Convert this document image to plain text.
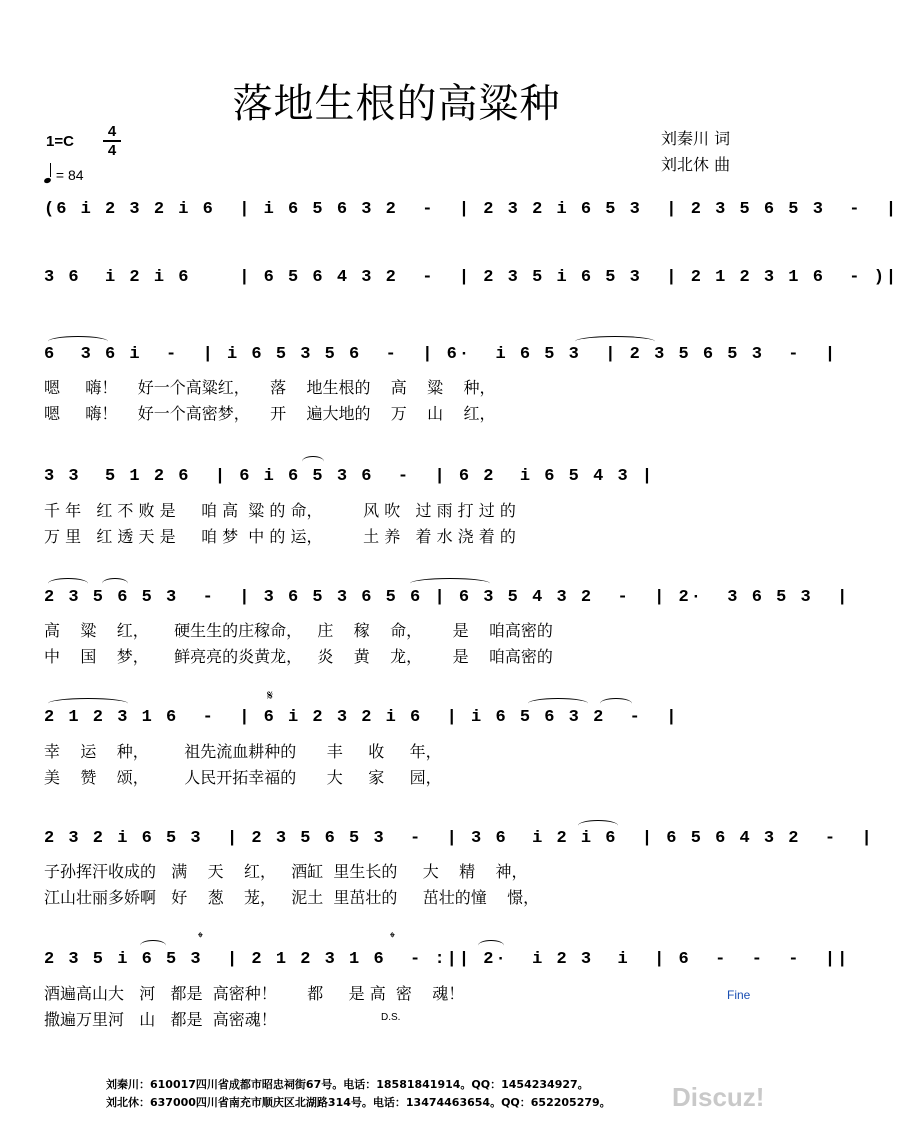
落地生根的高粱种
1=C
4
4
= 84
刘秦川 词
刘北休 曲
(6 i 2 3 2 i 6  | i 6 5 6 3 2  -  | 2 3 2 i 6 5 3  | 2 3 5 6 5 3  -  |
3 6  i 2 i 6    | 6 5 6 4 3 2  -  | 2 3 5 i 6 5 3  | 2 1 2 3 1 6  - )|
6  3 6 i  -  | i 6 5 3 5 6  -  | 6·  i 6 5 3  | 2 3 5 6 5 3  -  |
嗯     嗨！    好一个高粱红，    落    地生根的    高    粱    种，
嗯     嗨！    好一个高密梦，    开    遍大地的    万    山    红，
3 3  5 1 2 6  | 6 i 6 5 3 6  -  | 6 2  i 6 5 4 3 |
千 年   红 不 败 是     咱 高  粱 的 命，        风 吹   过 雨 打 过 的
万 里   红 透 天 是     咱 梦  中 的 运，        土 养   着 水 浇 着 的
2 3 5 6 5 3  -  | 3 6 5 3 6 5 6 | 6 3 5 4 3 2  -  | 2·  3 6 5 3  |
高    粱    红，     硬生生的庄稼命，   庄    稼    命，      是    咱高密的
中    国    梦，     鲜亮亮的炎黄龙，   炎    黄    龙，      是    咱高密的
𝄋
2 1 2 3 1 6  -  | 6 i 2 3 2 i 6  | i 6 5 6 3 2  -  |
幸    运    种，       祖先流血耕种的      丰     收     年，
美    赞    颂，       人民开拓幸福的      大     家     园，
2 3 2 i 6 5 3  | 2 3 5 6 5 3  -  | 3 6  i 2 i 6  | 6 5 6 4 3 2  -  |
子孙挥汗收成的   满    天    红，   酒缸  里生长的     大    精    神，
江山壮丽多娇啊   好    葱    茏，   泥土  里茁壮的     茁壮的憧    憬，
𝄌	𝄌
2 3 5 i 6 5 3  | 2 1 2 3 1 6  - :|| 2·  i 2 3  i  | 6  -  -  -  ||
酒遍高山大   河   都是  高密种！      都     是 高  密    魂！
撒遍万里河   山   都是  高密魂！
Fine
D.S.
刘秦川：610017四川省成都市昭忠祠街67号。电话：18581841914。QQ：1454234927。
刘北休：637000四川省南充市顺庆区北湖路314号。电话：13474463654。QQ：652205279。 Discuz!
